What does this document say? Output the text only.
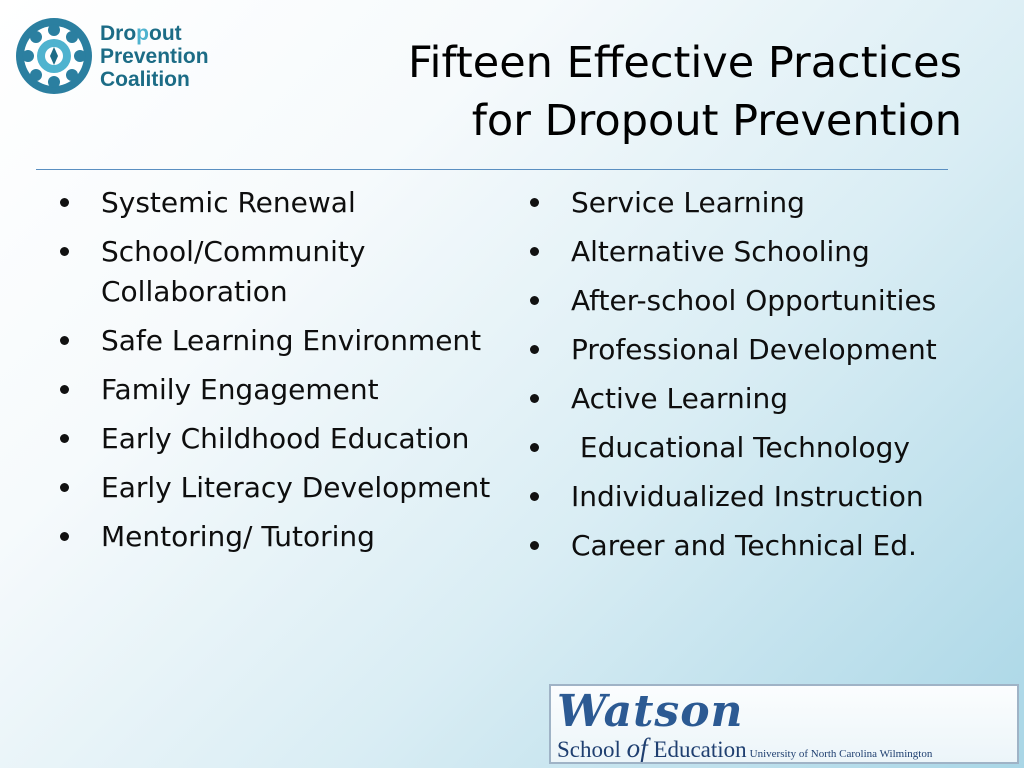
Dropout
Prevention
Coalition	Fifteen Effective Practices
for Dropout Prevention
Systemic Renewal
School/Community Collaboration
Safe Learning Environment
Family Engagement
Early Childhood Education
Early Literacy Development
Mentoring/ Tutoring
Service Learning
Alternative Schooling
After-school Opportunities
Professional Development
Active Learning
Educational Technology
Individualized Instruction
Career and Technical Ed.
Watson
School of Education University of North Carolina Wilmington
